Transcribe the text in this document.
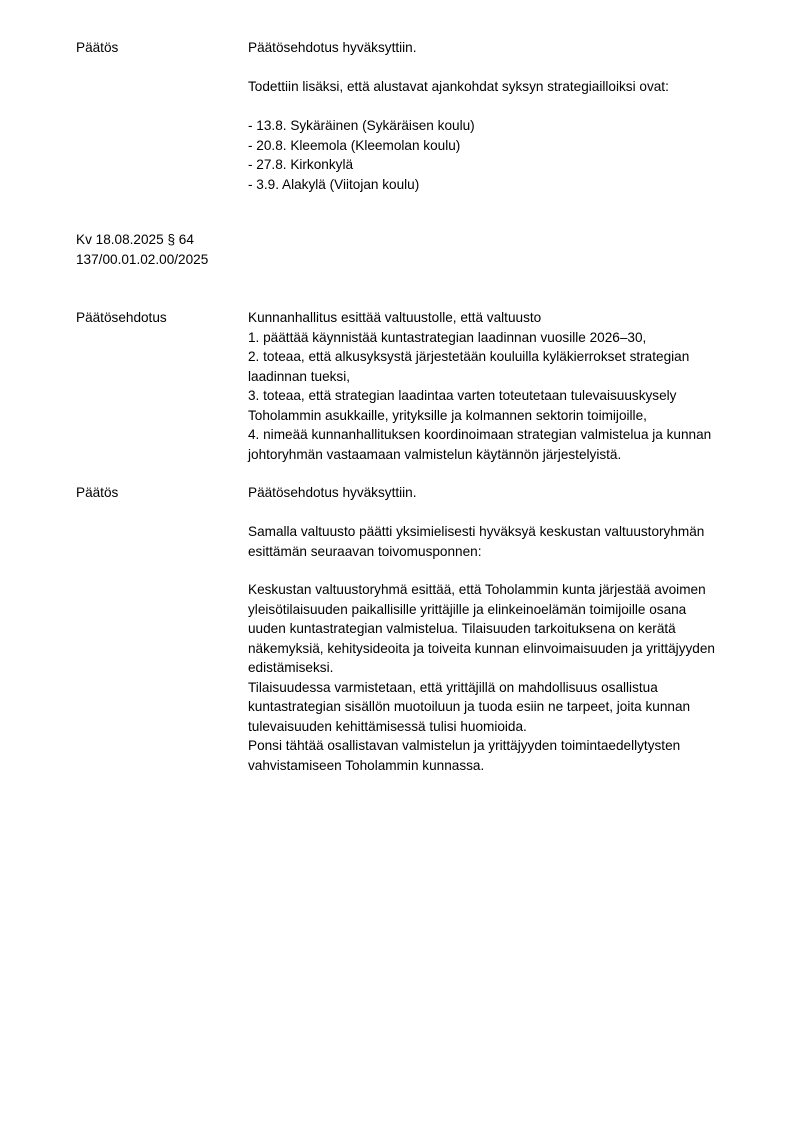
Päätös	Päätösehdotus hyväksyttiin.
Todettiin lisäksi, että alustavat ajankohdat syksyn strategiailloiksi ovat:
- 13.8. Sykäräinen (Sykäräisen koulu)
- 20.8. Kleemola (Kleemolan koulu)
- 27.8. Kirkonkylä
- 3.9. Alakylä (Viitojan koulu)
Kv 18.08.2025 § 64
137/00.01.02.00/2025
Päätösehdotus	Kunnanhallitus esittää valtuustolle, että valtuusto
1. päättää käynnistää kuntastrategian laadinnan vuosille 2026–30,
2. toteaa, että alkusyksystä järjestetään kouluilla kyläkierrokset strategian
laadinnan tueksi,
3. toteaa, että strategian laadintaa varten toteutetaan tulevaisuuskysely
Toholammin asukkaille, yrityksille ja kolmannen sektorin toimijoille,
4. nimeää kunnanhallituksen koordinoimaan strategian valmistelua ja kunnan
johtoryhmän vastaamaan valmistelun käytännön järjestelyistä.
Päätös	Päätösehdotus hyväksyttiin.
Samalla valtuusto päätti yksimielisesti hyväksyä keskustan valtuustoryhmän
esittämän seuraavan toivomusponnen:
Keskustan valtuustoryhmä esittää, että Toholammin kunta järjestää avoimen
yleisötilaisuuden paikallisille yrittäjille ja elinkeinoelämän toimijoille osana
uuden kuntastrategian valmistelua. Tilaisuuden tarkoituksena on kerätä
näkemyksiä, kehitysideoita ja toiveita kunnan elinvoimaisuuden ja yrittäjyyden
edistämiseksi.
Tilaisuudessa varmistetaan, että yrittäjillä on mahdollisuus osallistua
kuntastrategian sisällön muotoiluun ja tuoda esiin ne tarpeet, joita kunnan
tulevaisuuden kehittämisessä tulisi huomioida.
Ponsi tähtää osallistavan valmistelun ja yrittäjyyden toimintaedellytysten
vahvistamiseen Toholammin kunnassa.
